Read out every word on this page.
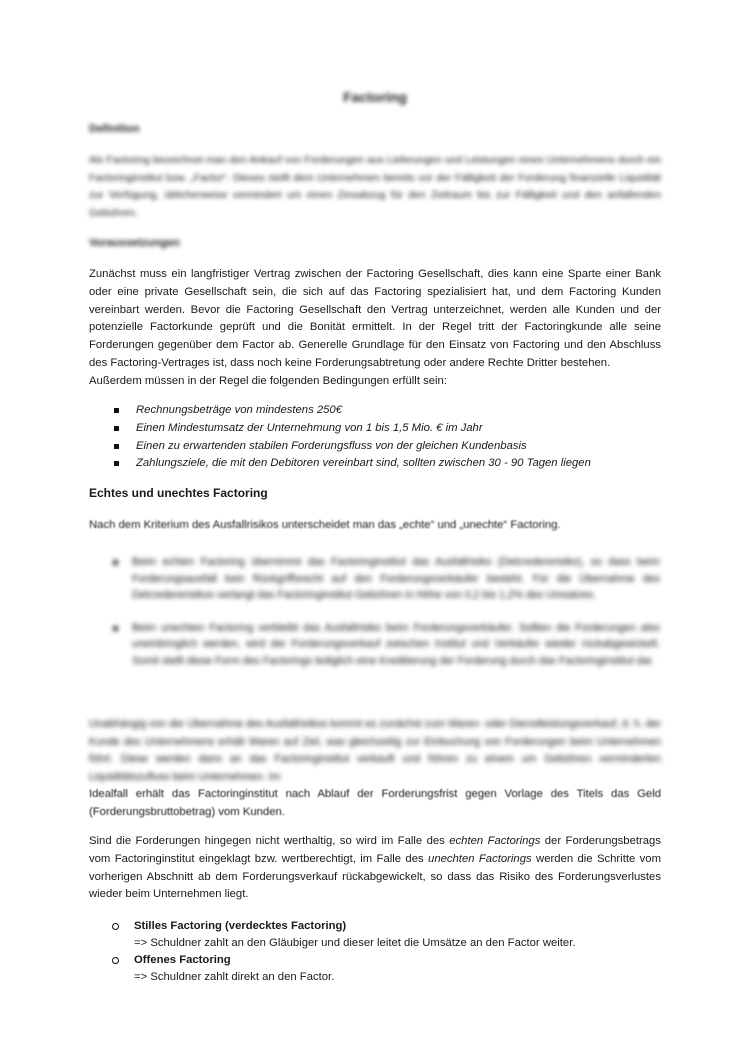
Factoring
Definition

Als Factoring bezeichnet man den Ankauf von Forderungen aus Lieferungen und Leistungen eines Unternehmens durch ein Factoringinstitut bzw. „Factor“. Dieses stellt dem Unternehmen bereits vor der Fälligkeit der Forderung finanzielle Liquidität zur Verfügung, üblicherweise vermindert um einen Zinsabzug für den Zeitraum bis zur Fälligkeit und den anfallenden Gebühren.

Voraussetzungen

Zunächst muss ein langfristiger Vertrag zwischen der Factoring Gesellschaft, dies kann eine Sparte einer Bank oder eine private Gesellschaft sein, die sich auf das Factoring spezialisiert hat, und dem Factoring Kunden vereinbart werden. Bevor die Factoring Gesellschaft den Vertrag unterzeichnet, werden alle Kunden und der potenzielle Factorkunde geprüft und die Bonität ermittelt. In der Regel tritt der Factoringkunde alle seine Forderungen gegenüber dem Factor ab. Generelle Grundlage für den Einsatz von Factoring und den Abschluss des Factoring-Vertrages ist, dass noch keine Forderungsabtretung oder andere Rechte Dritter bestehen.

Außerdem müssen in der Regel die folgenden Bedingungen erfüllt sein:

Rechnungsbeträge von mindestens 250€
Einen Mindestumsatz der Unternehmung von 1 bis 1,5 Mio. € im Jahr
Einen zu erwartenden stabilen Forderungsfluss von der gleichen Kundenbasis
Zahlungsziele, die mit den Debitoren vereinbart sind, sollten zwischen 30 - 90 Tagen liegen
Echtes und unechtes Factoring

Nach dem Kriterium des Ausfallrisikos unterscheidet man das „echte“ und „unechte“ Factoring.

Beim echten Factoring übernimmt das Factoringinstitut das Ausfallrisiko (Delcredererisiko), so dass beim Forderungsausfall kein Rückgriffsrecht auf den Forderungsverkäufer besteht. Für die Übernahme des Delcredererisikos verlangt das Factoringinstitut Gebühren in Höhe von 0,2 bis 1,2% des Umsatzes.
Beim unechten Factoring verbleibt das Ausfallrisiko beim Forderungsverkäufer. Sollten die Forderungen also uneinbringlich werden, wird der Forderungsverkauf zwischen Institut und Verkäufer wieder rückabgewickelt. Somit stellt diese Form des Factorings lediglich eine Kreditierung der Forderung durch das Factoringinstitut dar.

Unabhängig von der Übernahme des Ausfallrisikos kommt es zunächst zum Waren- oder Dienstleistungsverkauf, d. h. der Kunde des Unternehmens erhält Waren auf Ziel, was gleichzeitig zur Einbuchung von Forderungen beim Unternehmen führt. Diese werden dann an das Factoringinstitut verkauft und führen zu einem um Gebühren verminderten Liquiditätszufluss beim Unternehmen. Im

Idealfall erhält das Factoringinstitut nach Ablauf der Forderungsfrist gegen Vorlage des Titels das Geld (Forderungsbruttobetrag) vom Kunden.

Sind die Forderungen hingegen nicht werthaltig, so wird im Falle des echten Factorings der Forderungsbetrags vom Factoringinstitut eingeklagt bzw. wertberechtigt, im Falle des unechten Factorings werden die Schritte vom vorherigen Abschnitt ab dem Forderungsverkauf rückabgewickelt, so dass das Risiko des Forderungsverlustes wieder beim Unternehmen liegt.

Stilles Factoring (verdecktes Factoring)
=> Schuldner zahlt an den Gläubiger und dieser leitet die Umsätze an den Factor weiter.
Offenes Factoring
=> Schuldner zahlt direkt an den Factor.
